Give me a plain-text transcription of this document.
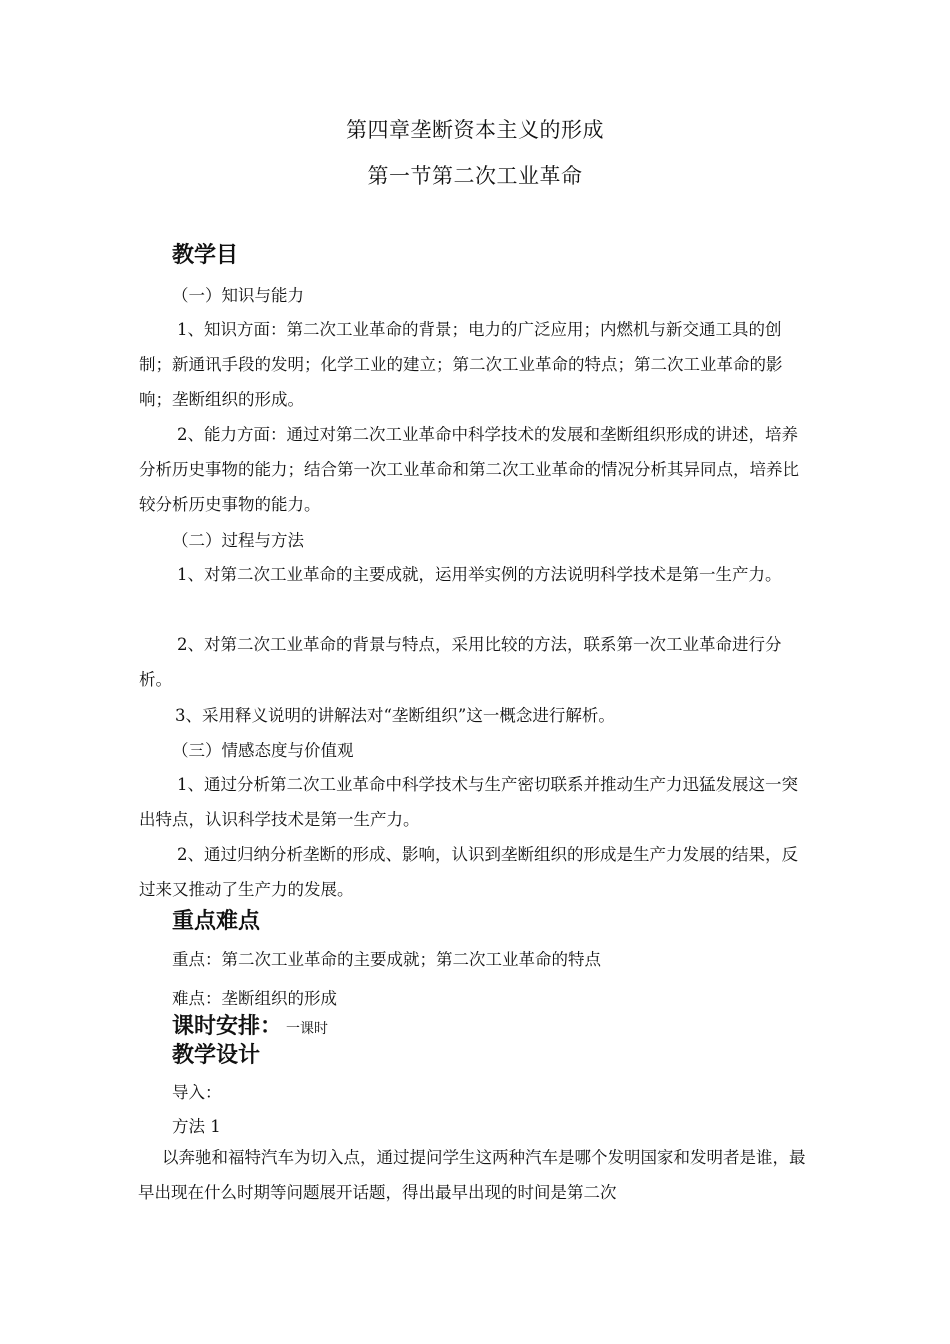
第四章垄断资本主义的形成
第一节第二次工业革命
教学目
（一）知识与能力
1、知识方面：第二次工业革命的背景；电力的广泛应用；内燃机与新交通工具的创制；新通讯手段的发明；化学工业的建立；第二次工业革命的特点；第二次工业革命的影响；垄断组织的形成。
2、能力方面：通过对第二次工业革命中科学技术的发展和垄断组织形成的讲述，培养分析历史事物的能力；结合第一次工业革命和第二次工业革命的情况分析其异同点，培养比较分析历史事物的能力。
（二）过程与方法
1、对第二次工业革命的主要成就，运用举实例的方法说明科学技术是第一生产力。
2、对第二次工业革命的背景与特点，采用比较的方法，联系第一次工业革命进行分析。
3、采用释义说明的讲解法对“垄断组织”这一概念进行解析。
（三）情感态度与价值观
1、通过分析第二次工业革命中科学技术与生产密切联系并推动生产力迅猛发展这一突出特点，认识科学技术是第一生产力。
2、通过归纳分析垄断的形成、影响，认识到垄断组织的形成是生产力发展的结果，反过来又推动了生产力的发展。
重点难点
重点：第二次工业革命的主要成就；第二次工业革命的特点
难点：垄断组织的形成
课时安排： 一课时
教学设计
导入：
方法 1
以奔驰和福特汽车为切入点，通过提问学生这两种汽车是哪个发明国家和发明者是谁，最早出现在什么时期等问题展开话题，得出最早出现的时间是第二次
